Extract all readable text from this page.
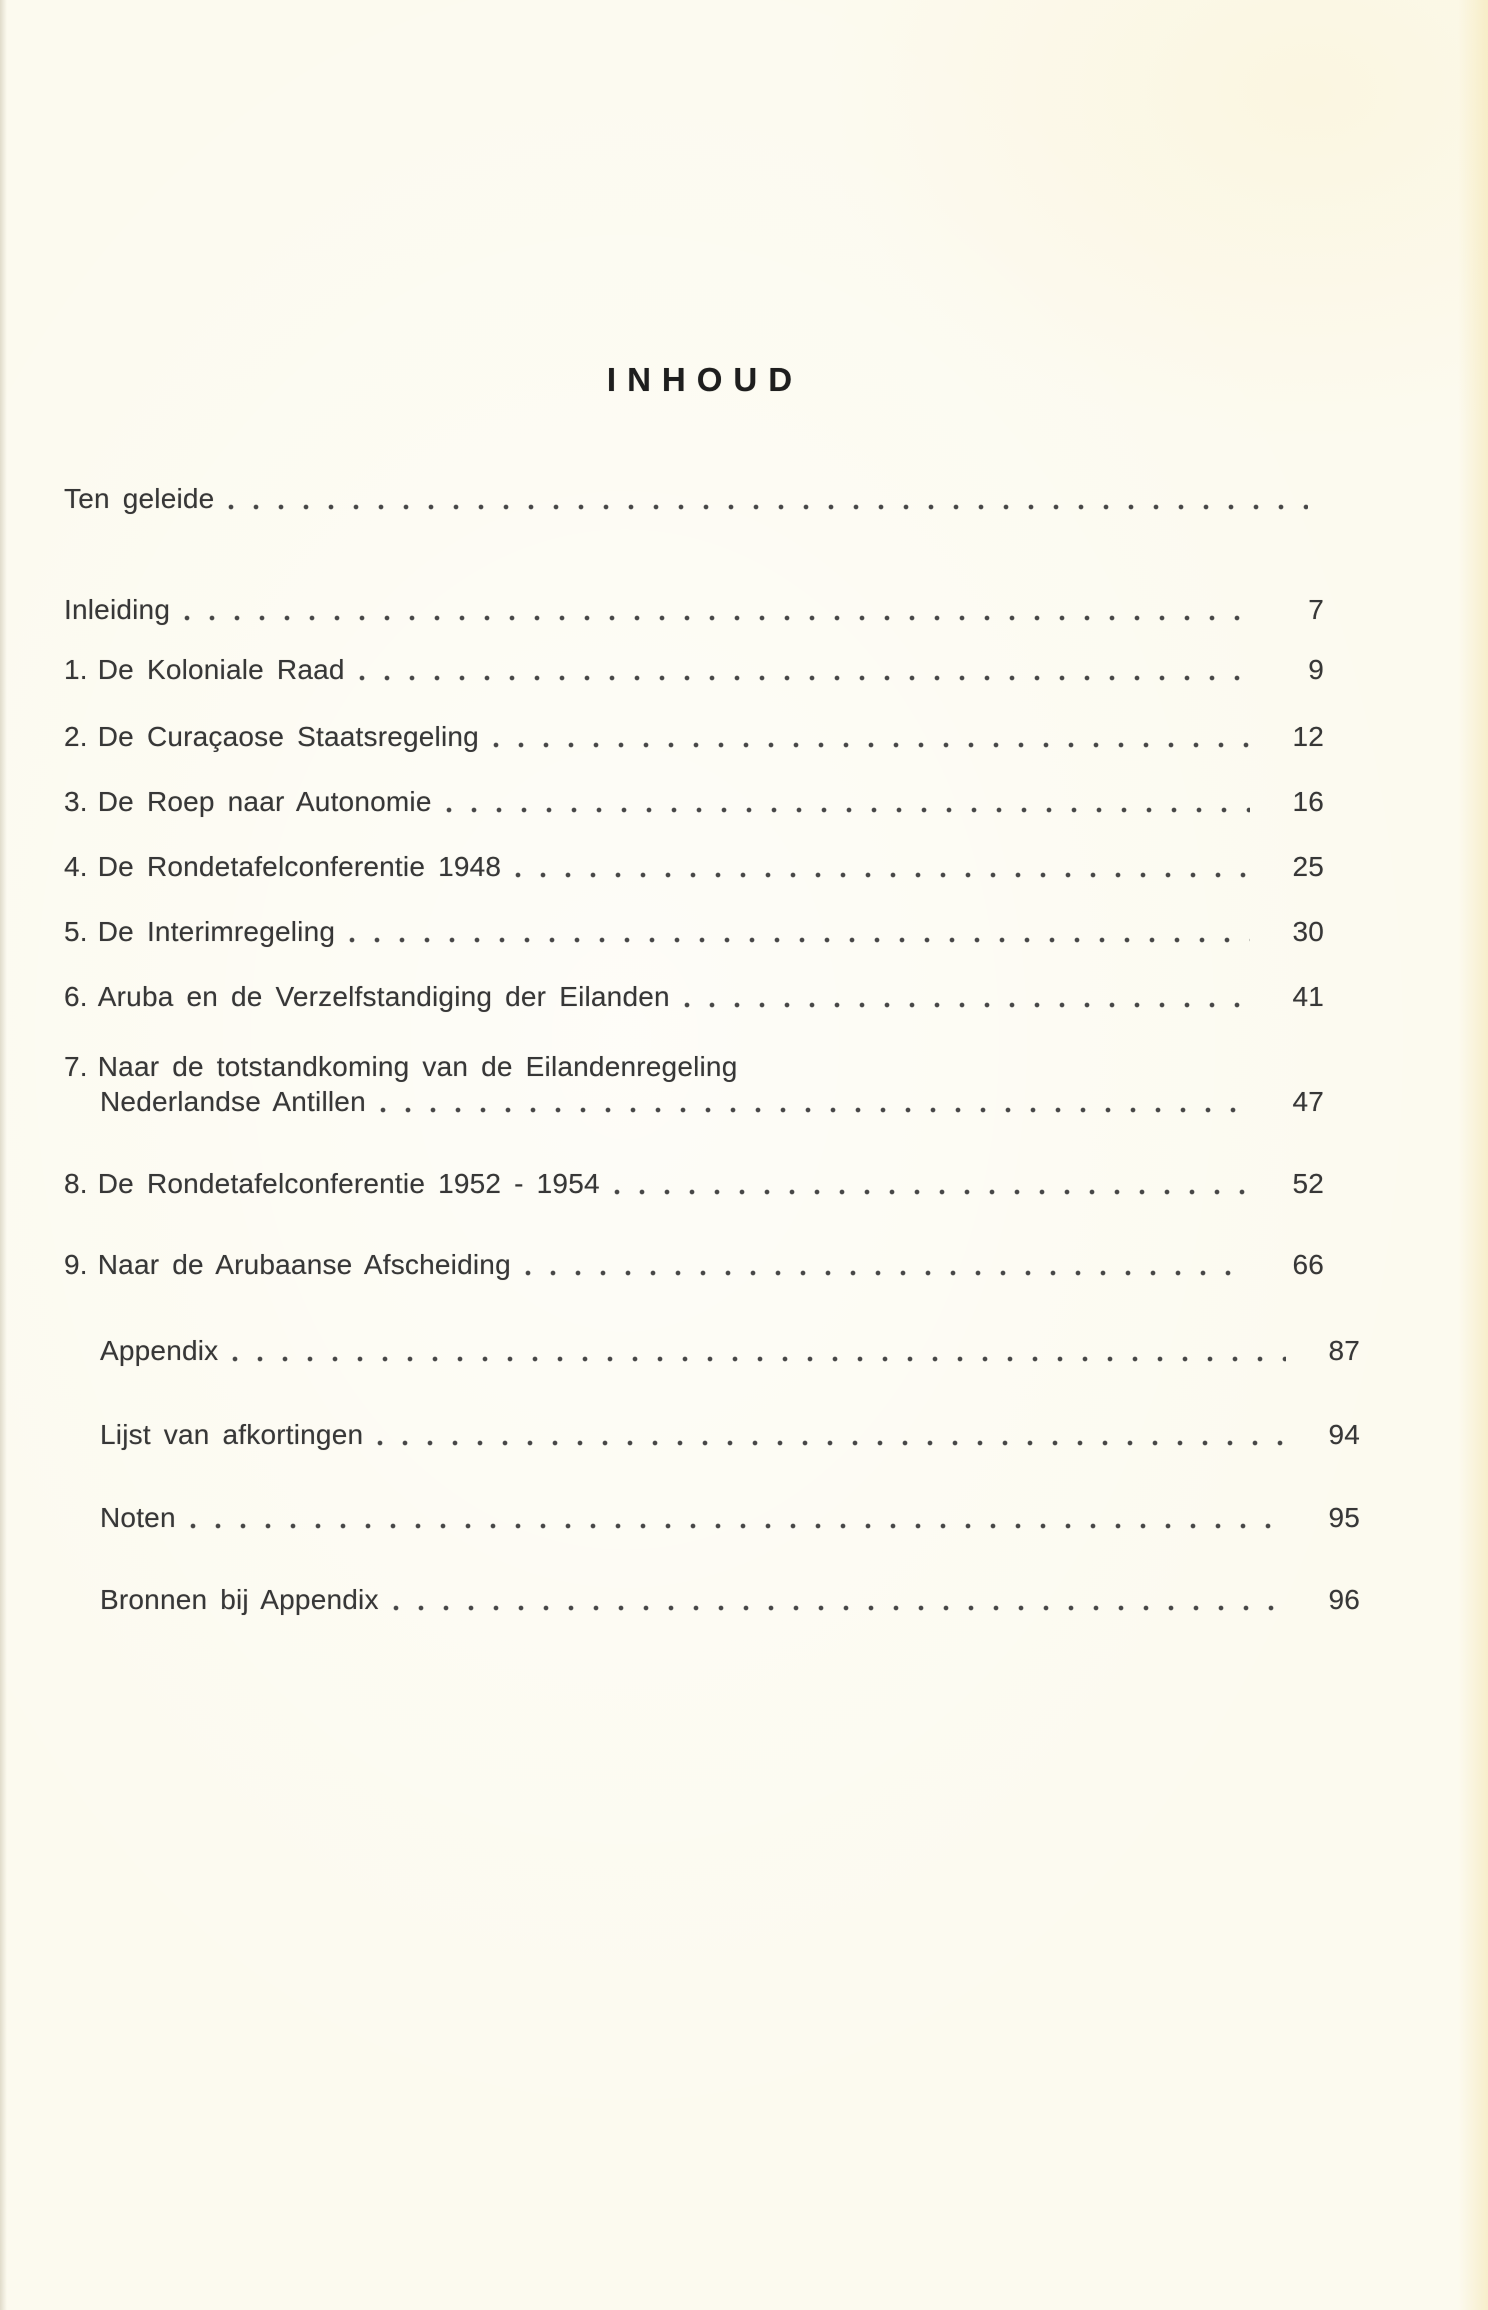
INHOUD
Ten geleide
Inleiding	7
1. De Koloniale Raad	9
2. De Curaçaose Staatsregeling	12
3. De Roep naar Autonomie	16
4. De Rondetafelconferentie 1948	25
5. De Interimregeling	30
6. Aruba en de Verzelfstandiging der Eilanden	41
7. Naar de totstandkoming van de Eilandenregeling
Nederlandse Antillen	47
8. De Rondetafelconferentie 1952 - 1954	52
9. Naar de Arubaanse Afscheiding	66
Appendix	87
Lijst van afkortingen	94
Noten	95
Bronnen bij Appendix	96
